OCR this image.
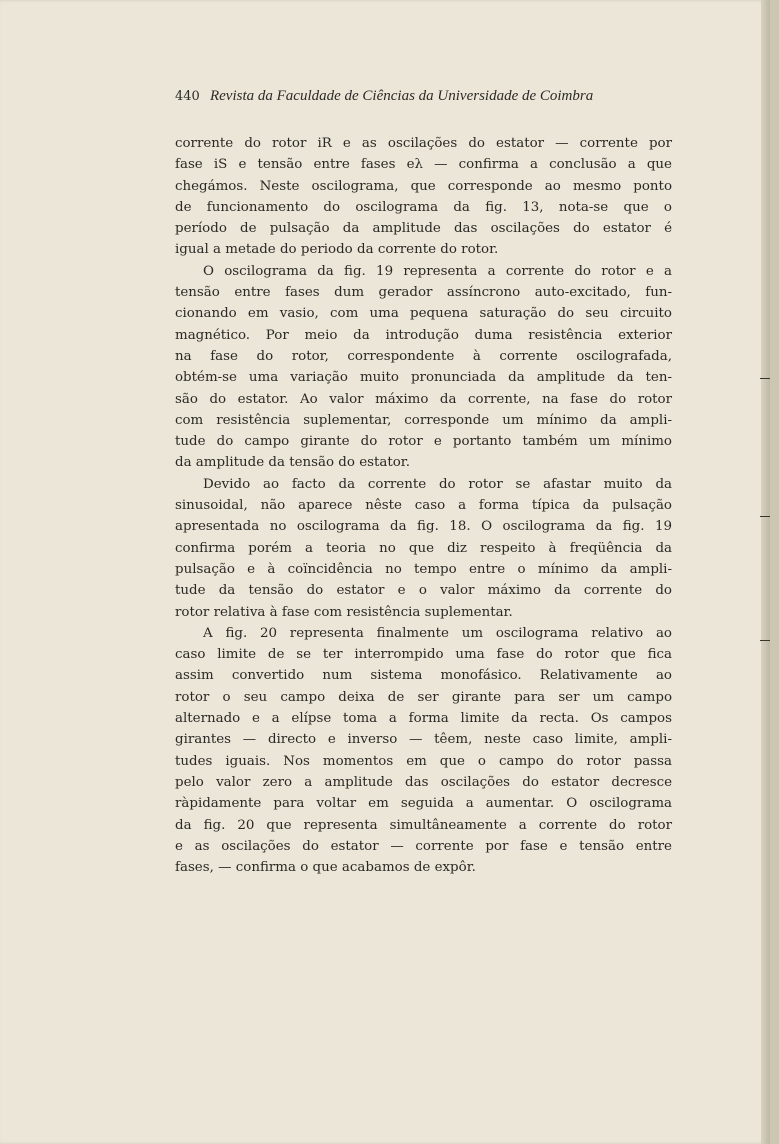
440 Revista da Faculdade de Ciências da Universidade de Coimbra
corrente do rotor iR e as oscilações do estator — corrente por
fase iS e tensão entre fases eλ — confirma a conclusão a que
chegámos. Neste oscilograma, que corresponde ao mesmo ponto
de funcionamento do oscilograma da fig. 13, nota-se que o
período de pulsação da amplitude das oscilações do estator é
igual a metade do periodo da corrente do rotor.
O oscilograma da fig. 19 representa a corrente do rotor e a
tensão entre fases dum gerador assíncrono auto-excitado, fun-
cionando em vasio, com uma pequena saturação do seu circuito
magnético. Por meio da introdução duma resistência exterior
na fase do rotor, correspondente à corrente oscilografada,
obtém-se uma variação muito pronunciada da amplitude da ten-
são do estator. Ao valor máximo da corrente, na fase do rotor
com resistência suplementar, corresponde um mínimo da ampli-
tude do campo girante do rotor e portanto também um mínimo
da amplitude da tensão do estator.
Devido ao facto da corrente do rotor se afastar muito da
sinusoidal, não aparece nêste caso a forma típica da pulsação
apresentada no oscilograma da fig. 18. O oscilograma da fig. 19
confirma porém a teoria no que diz respeito à freqüência da
pulsação e à coïncidência no tempo entre o mínimo da ampli-
tude da tensão do estator e o valor máximo da corrente do
rotor relativa à fase com resistência suplementar.
A fig. 20 representa finalmente um oscilograma relativo ao
caso limite de se ter interrompido uma fase do rotor que fica
assim convertido num sistema monofásico. Relativamente ao
rotor o seu campo deixa de ser girante para ser um campo
alternado e a elípse toma a forma limite da recta. Os campos
girantes — directo e inverso — têem, neste caso limite, ampli-
tudes iguais. Nos momentos em que o campo do rotor passa
pelo valor zero a amplitude das oscilações do estator decresce
ràpidamente para voltar em seguida a aumentar. O oscilograma
da fig. 20 que representa simultâneamente a corrente do rotor
e as oscilações do estator — corrente por fase e tensão entre
fases, — confirma o que acabamos de expôr.
